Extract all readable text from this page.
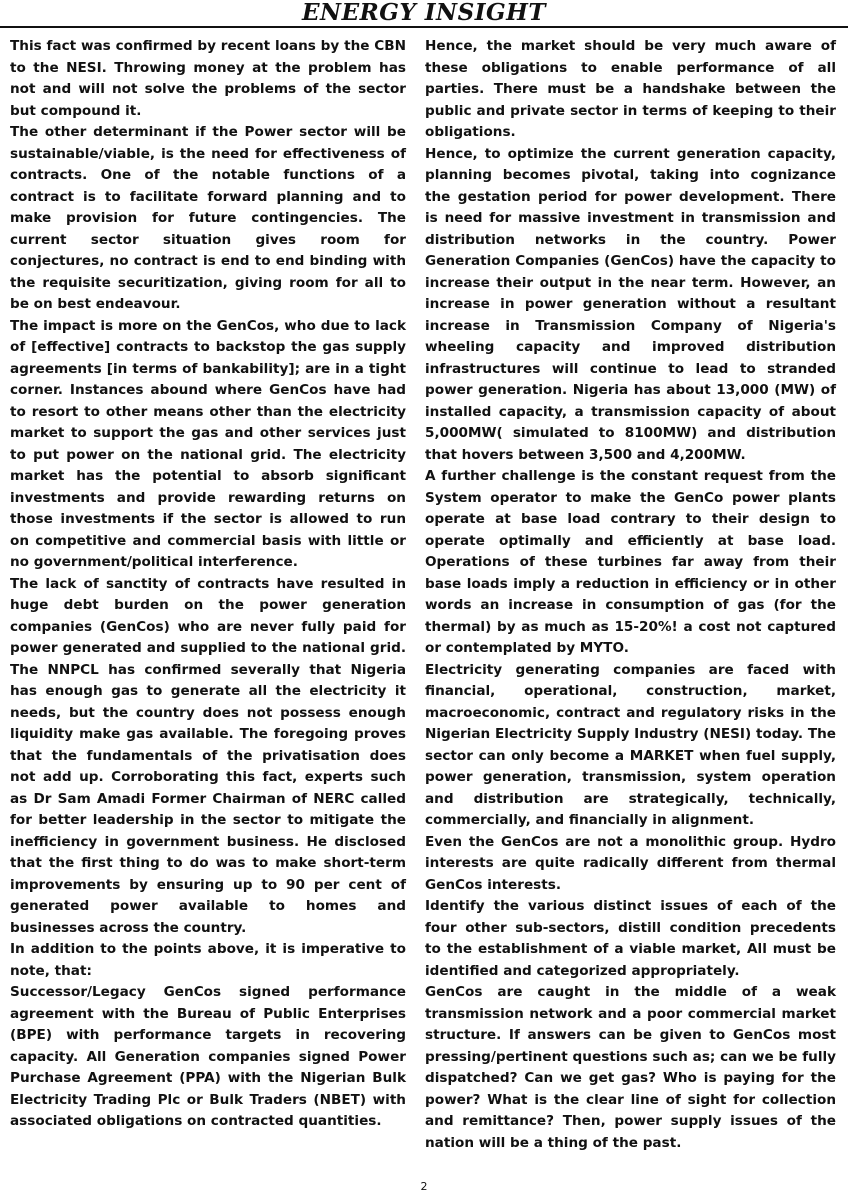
ENERGY INSIGHT

This fact was confirmed by recent loans by the CBN to the NESI. Throwing money at the problem has not and will not solve the problems of the sector but compound it.

The other determinant if the Power sector will be sustainable/viable, is the need for effectiveness of contracts. One of the notable functions of a contract is to facilitate forward planning and to make provision for future contingencies. The current sector situation gives room for conjectures, no contract is end to end binding with the requisite securitization, giving room for all to be on best endeavour.

The impact is more on the GenCos, who due to lack of [effective] contracts to backstop the gas supply agreements [in terms of bankability]; are in a tight corner. Instances abound where GenCos have had to resort to other means other than the electricity market to support the gas and other services just to put power on the national grid. The electricity market has the potential to absorb significant investments and provide rewarding returns on those investments if the sector is allowed to run on competitive and commercial basis with little or no government/political interference.

The lack of sanctity of contracts have resulted in huge debt burden on the power generation companies (GenCos) who are never fully paid for power generated and supplied to the national grid. The NNPCL has confirmed severally that Nigeria has enough gas to generate all the electricity it needs, but the country does not possess enough liquidity make gas available. The foregoing proves that the fundamentals of the privatisation does not add up. Corroborating this fact, experts such as Dr Sam Amadi Former Chairman of NERC called for better leadership in the sector to mitigate the inefficiency in government business. He disclosed that the first thing to do was to make short-term improvements by ensuring up to 90 per cent of generated power available to homes and businesses across the country.

In addition to the points above, it is imperative to note, that:

Successor/Legacy GenCos signed performance agreement with the Bureau of Public Enterprises (BPE) with performance targets in recovering capacity. All Generation companies signed Power Purchase Agreement (PPA) with the Nigerian Bulk Electricity Trading Plc or Bulk Traders (NBET) with associated obligations on contracted quantities.

Hence, the market should be very much aware of these obligations to enable performance of all parties. There must be a handshake between the public and private sector in terms of keeping to their obligations.

Hence, to optimize the current generation capacity, planning becomes pivotal, taking into cognizance the gestation period for power development. There is need for massive investment in transmission and distribution networks in the country. Power Generation Companies (GenCos) have the capacity to increase their output in the near term. However, an increase in power generation without a resultant increase in Transmission Company of Nigeria's wheeling capacity and improved distribution infrastructures will continue to lead to stranded power generation. Nigeria has about 13,000 (MW) of installed capacity, a transmission capacity of about 5,000MW( simulated to 8100MW) and distribution that hovers between 3,500 and 4,200MW.

A further challenge is the constant request from the System operator to make the GenCo power plants operate at base load contrary to their design to operate optimally and efficiently at base load. Operations of these turbines far away from their base loads imply a reduction in efficiency or in other words an increase in consumption of gas (for the thermal) by as much as 15-20%! a cost not captured or contemplated by MYTO.

Electricity generating companies are faced with financial, operational, construction, market, macroeconomic, contract and regulatory risks in the Nigerian Electricity Supply Industry (NESI) today. The sector can only become a MARKET when fuel supply, power generation, transmission, system operation and distribution are strategically, technically, commercially, and financially in alignment.

Even the GenCos are not a monolithic group. Hydro interests are quite radically different from thermal GenCos interests.

Identify the various distinct issues of each of the four other sub-sectors, distill condition precedents to the establishment of a viable market, All must be identified and categorized appropriately.

GenCos are caught in the middle of a weak transmission network and a poor commercial market structure. If answers can be given to GenCos most pressing/pertinent questions such as; can we be fully dispatched? Can we get gas? Who is paying for the power? What is the clear line of sight for collection and remittance? Then, power supply issues of the nation will be a thing of the past.

2
